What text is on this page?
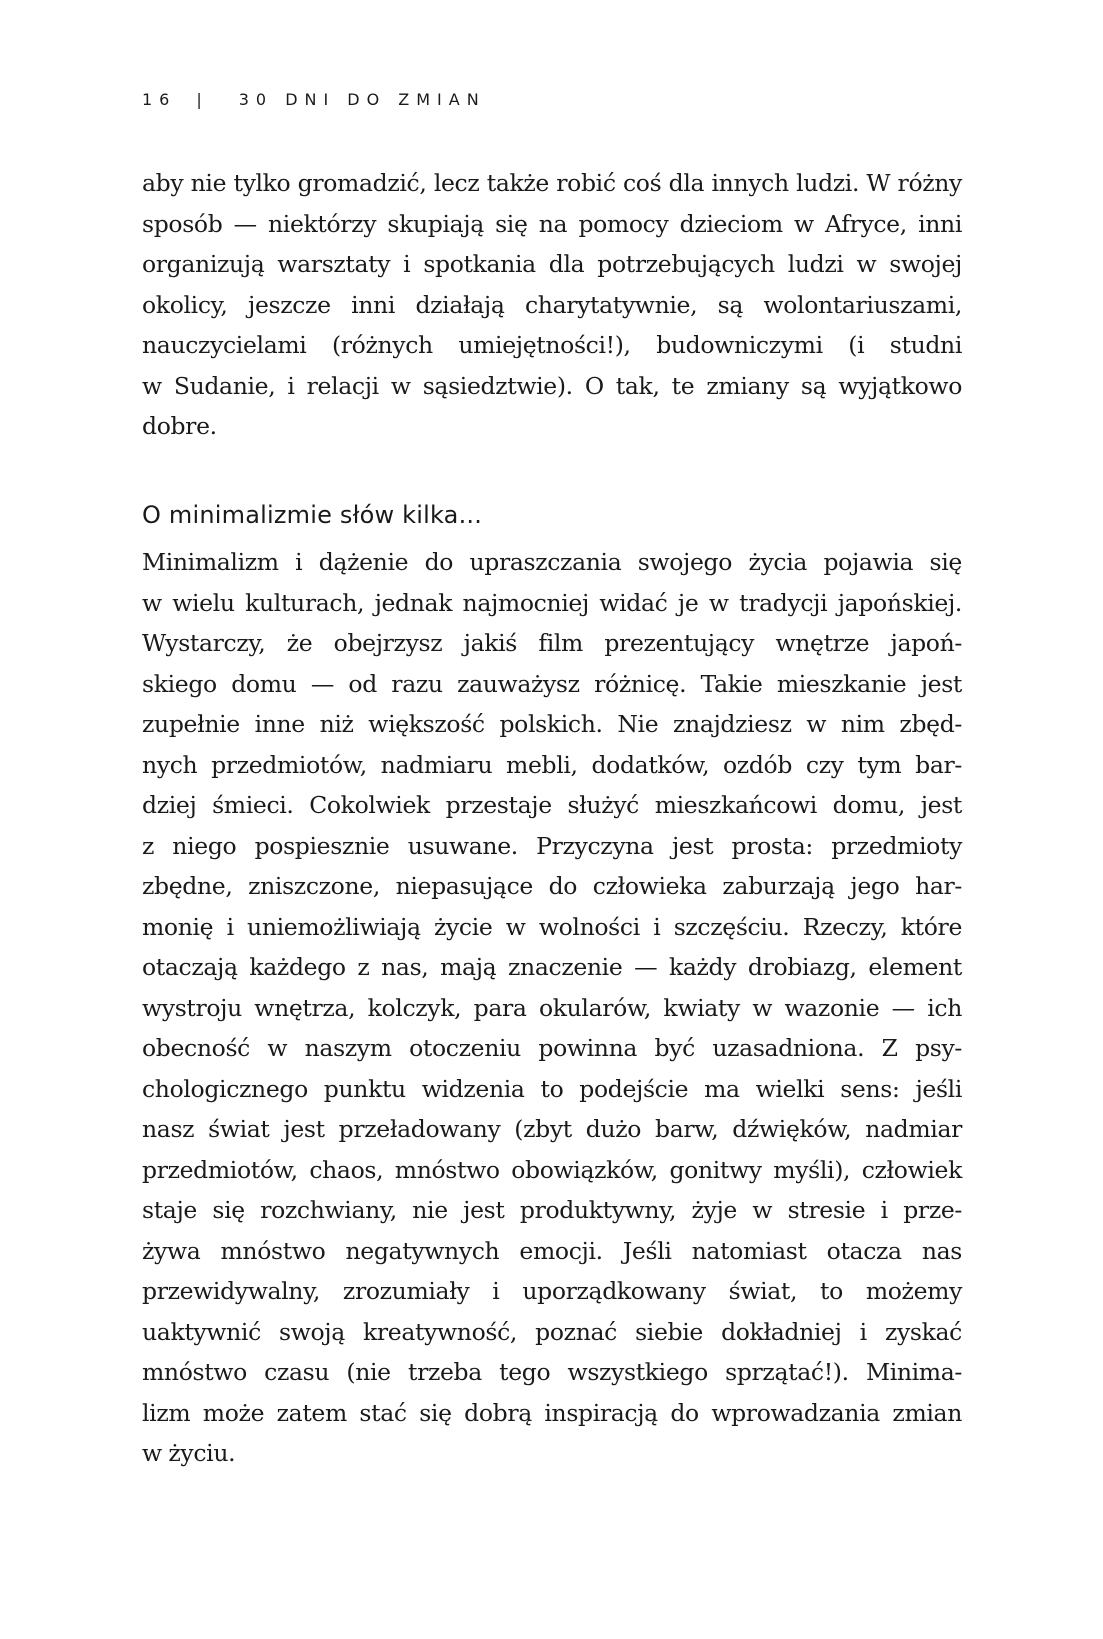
16 | 30 DNI DO ZMIAN
aby nie tylko gromadzić, lecz także robić coś dla innych ludzi. W różny
sposób — niektórzy skupiają się na pomocy dzieciom w Afryce, inni
organizują warsztaty i spotkania dla potrzebujących ludzi w swojej
okolicy, jeszcze inni działają charytatywnie, są wolontariuszami,
nauczycielami (różnych umiejętności!), budowniczymi (i studni
w Sudanie, i relacji w sąsiedztwie). O tak, te zmiany są wyjątkowo
dobre.
O minimalizmie słów kilka...
Minimalizm i dążenie do upraszczania swojego życia pojawia się
w wielu kulturach, jednak najmocniej widać je w tradycji japońskiej.
Wystarczy, że obejrzysz jakiś film prezentujący wnętrze japoń-
skiego domu — od razu zauważysz różnicę. Takie mieszkanie jest
zupełnie inne niż większość polskich. Nie znajdziesz w nim zbęd-
nych przedmiotów, nadmiaru mebli, dodatków, ozdób czy tym bar-
dziej śmieci. Cokolwiek przestaje służyć mieszkańcowi domu, jest
z niego pospiesznie usuwane. Przyczyna jest prosta: przedmioty
zbędne, zniszczone, niepasujące do człowieka zaburzają jego har-
monię i uniemożliwiają życie w wolności i szczęściu. Rzeczy, które
otaczają każdego z nas, mają znaczenie — każdy drobiazg, element
wystroju wnętrza, kolczyk, para okularów, kwiaty w wazonie — ich
obecność w naszym otoczeniu powinna być uzasadniona. Z psy-
chologicznego punktu widzenia to podejście ma wielki sens: jeśli
nasz świat jest przeładowany (zbyt dużo barw, dźwięków, nadmiar
przedmiotów, chaos, mnóstwo obowiązków, gonitwy myśli), człowiek
staje się rozchwiany, nie jest produktywny, żyje w stresie i prze-
żywa mnóstwo negatywnych emocji. Jeśli natomiast otacza nas
przewidywalny, zrozumiały i uporządkowany świat, to możemy
uaktywnić swoją kreatywność, poznać siebie dokładniej i zyskać
mnóstwo czasu (nie trzeba tego wszystkiego sprzątać!). Minima-
lizm może zatem stać się dobrą inspiracją do wprowadzania zmian
w życiu.
